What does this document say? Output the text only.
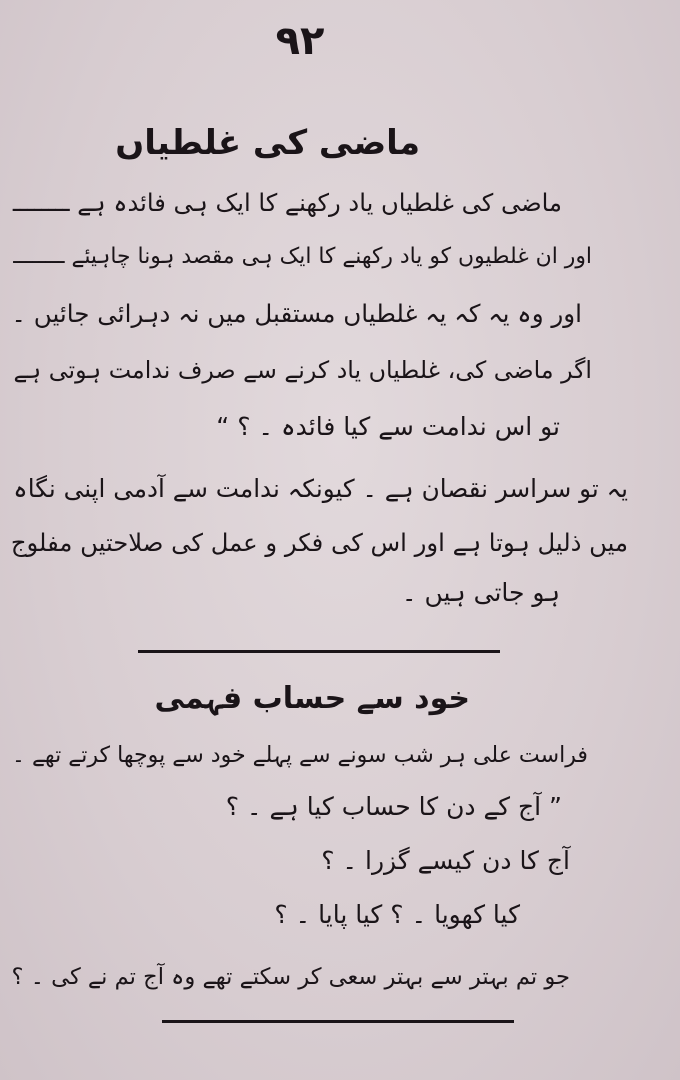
٩٢
ماضی کی غلطیاں
ماضی کی غلطیاں یاد رکھنے کا ایک ہی فائدہ ہے ــــــــ
اور ان غلطیوں کو یاد رکھنے کا ایک ہی مقصد ہونا چاہیئے ــــــــ
اور وہ یہ کہ یہ غلطیاں مستقبل میں نہ دہرائی جائیں ۔
اگر ماضی کی، غلطیاں یاد کرنے سے صرف ندامت ہوتی ہے
تو اس ندامت سے کیا فائدہ ۔ ؟ “
یہ تو سراسر نقصان ہے ۔ کیونکہ ندامت سے آدمی اپنی نگاہ
میں ذلیل ہوتا ہے اور اس کی فکر و عمل کی صلاحتیں مفلوج
ہو جاتی ہیں ۔
خود سے حساب فہمی
فراست علی ہر شب سونے سے پہلے خود سے پوچھا کرتے تھے ۔
” آج کے دن کا حساب کیا ہے ۔ ؟
آج کا دن کیسے گزرا ۔ ؟
کیا کھویا ۔ ؟ کیا پایا ۔ ؟
جو تم بہتر سے بہتر سعی کر سکتے تھے وہ آج تم نے کی ۔ ؟
